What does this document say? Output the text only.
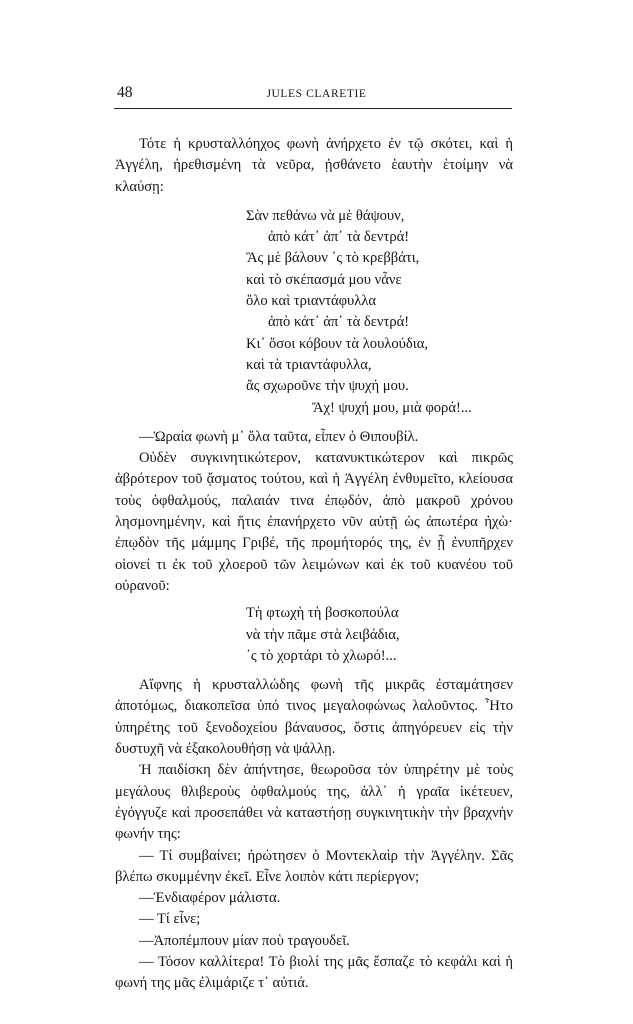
48	JULES CLARETIE

Τότε ἡ κρυσταλλόηχος φωνὴ ἀνήρχετο ἐν τῷ σκότει, καὶ ἡ Ἀγγέλη, ἠρεθισμένη τὰ νεῦρα, ᾐσθάνετο ἑαυτὴν ἑτοίμην νὰ κλαύσῃ:

Σὰν πεθάνω νὰ μὲ θάψουν,
ἀπὸ κάτ᾽ ἀπ᾽ τὰ δεντρά!
Ἂς μὲ βάλουν ᾽ς τὸ κρεββάτι,
καὶ τὸ σκέπασμά μου νἆνε
ὅλο καὶ τριαντάφυλλα
ἀπὸ κάτ᾽ ἀπ᾽ τὰ δεντρά!
Κι᾽ ὅσοι κόβουν τὰ λουλούδια,
καὶ τὰ τριαντάφυλλα,
ἄς σχωροῦνε τὴν ψυχή μου.
Ἄχ! ψυχή μου, μιὰ φορά!...

—Ὡραία φωνὴ μ᾽ ὅλα ταῦτα, εἶπεν ὁ Θιπουβίλ.

Οὐδὲν συγκινητικώτερον, κατανυκτικώτερον καὶ πικρῶς ἁβρότερον τοῦ ᾄσματος τούτου, καὶ ἡ Ἀγγέλη ἐνθυμεῖτο, κλείουσα τοὺς ὀφθαλμούς, παλαιάν τινα ἐπῳδόν, ἀπὸ μακροῦ χρόνου λησμονημένην, καὶ ἥτις ἐπανήρχετο νῦν αὐτῇ ὡς ἀπωτέρα ἠχὼ· ἐπῳδὸν τῆς μάμμης Γριβέ, τῆς προμήτορός της, ἐν ᾗ ἐνυπῆρχεν οἱονεί τι ἐκ τοῦ χλοεροῦ τῶν λειμώνων καὶ ἐκ τοῦ κυανέου τοῦ οὐρανοῦ:

Τὴ φτωχὴ τὴ βοσκοπούλα
νὰ τὴν πᾶμε στὰ λειβάδια,
᾽ς τὸ χορτάρι τὸ χλωρό!...

Αἴφνης ἡ κρυσταλλώδης φωνὴ τῆς μικρᾶς ἐσταμάτησεν ἀποτόμως, διακοπεῖσα ὑπό τινος μεγαλοφώνως λαλοῦντος. Ἦτο ὑπηρέτης τοῦ ξενοδοχείου βάναυσος, ὅστις ἀπηγόρευεν εἰς τὴν δυστυχῆ νὰ ἐξακολουθήσῃ νὰ ψάλλῃ.

Ἡ παιδίσκη δὲν ἀπήντησε, θεωροῦσα τὸν ὑπηρέτην μὲ τοὺς μεγάλους θλιβεροὺς ὀφθαλμούς της, ἀλλ᾽ ἡ γραῖα ἱκέτευεν, ἐγόγγυζε καὶ προσεπάθει νὰ καταστήσῃ συγκινητικὴν τὴν βραχνὴν φωνήν της:

— Τί συμβαίνει; ἠρώτησεν ὁ Μοντεκλαὶρ τὴν Ἀγγέλην. Σᾶς βλέπω σκυμμένην ἐκεῖ. Εἶνε λοιπὸν κάτι περίεργον;

—Ἐνδιαφέρον μάλιστα.

— Τί εἶνε;

—Ἀποπέμπουν μίαν ποὺ τραγουδεῖ.

— Τόσον καλλίτερα! Τὸ βιολί της μᾶς ἔσπαζε τὸ κεφάλι καὶ ἡ φωνή της μᾶς ἐλιμάριζε τ᾽ αὐτιά.
